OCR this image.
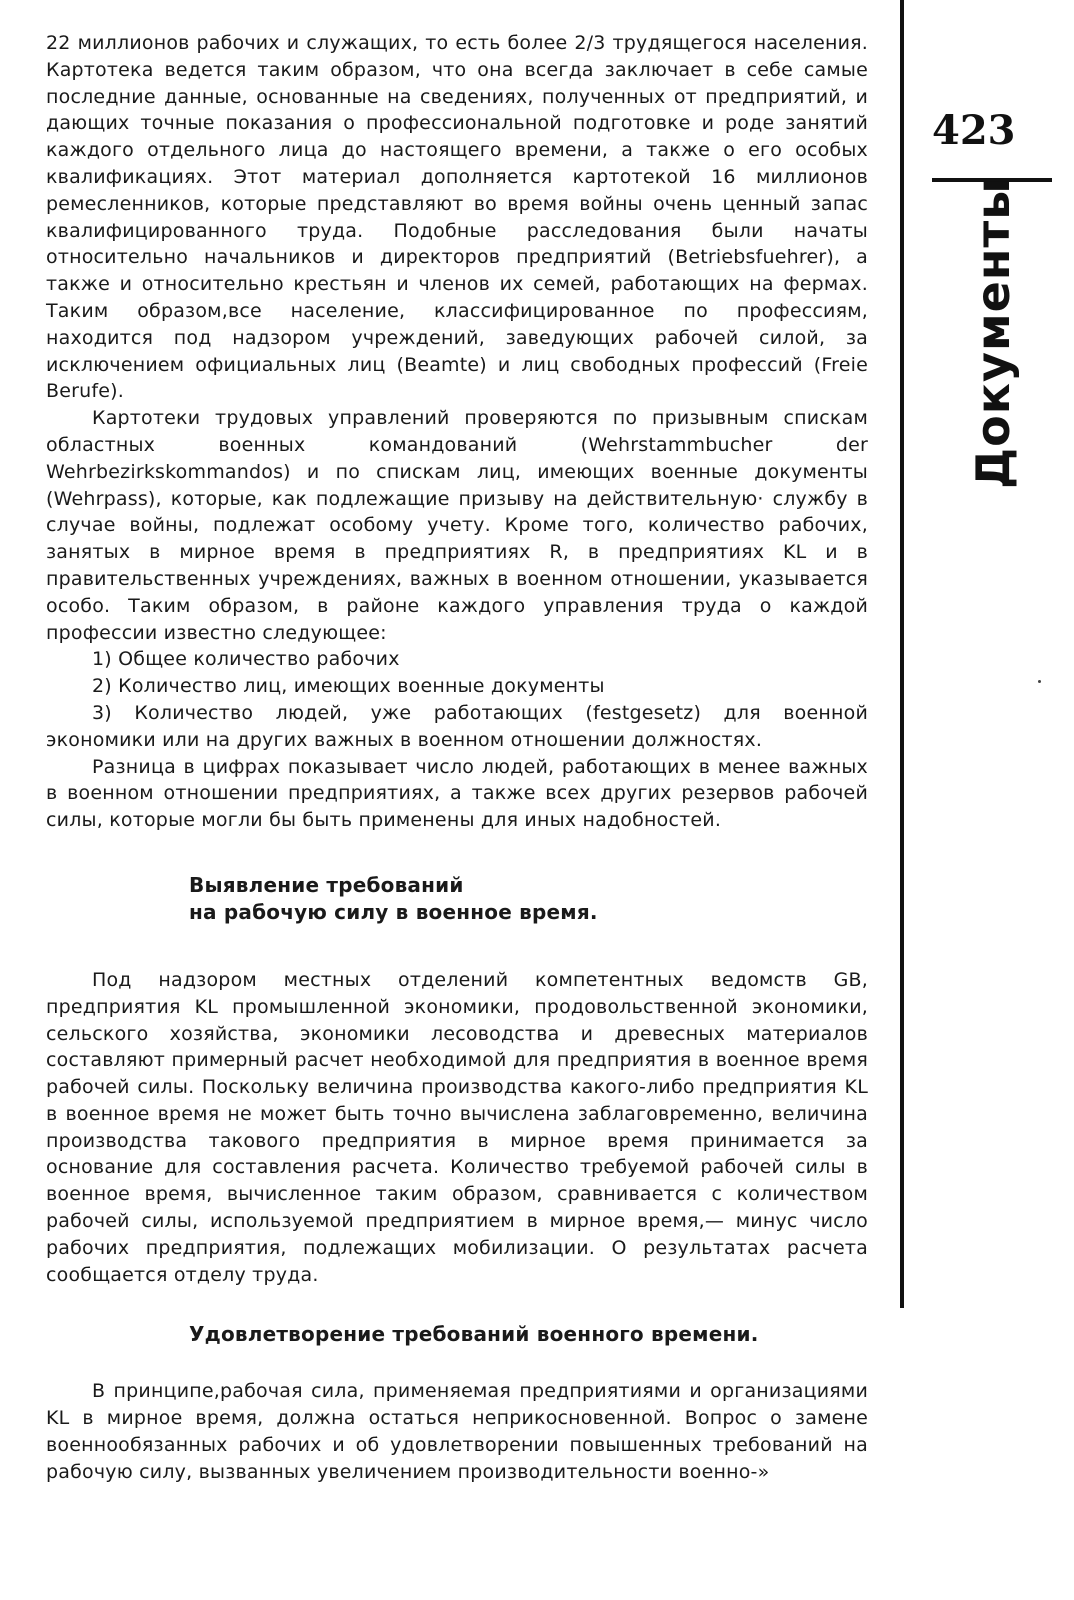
423
Документы

22 миллионов рабочих и служащих, то есть более 2/3 трудящегося населения. Картотека ведется таким образом, что она всегда заключает в себе самые последние данные, основанные на сведениях, полученных от предприятий, и дающих точные показания о профессиональной подготовке и роде занятий каждого отдельного лица до настоящего времени, а также о его особых квалификациях. Этот материал дополняется картотекой 16 миллионов ремесленников, которые представляют во время войны очень ценный запас квалифицированного труда. Подобные расследования были начаты относительно начальников и директоров предприятий (Betriebsfuehrer), а также и относительно крестьян и членов их семей, работающих на фермах. Таким образом,все население, классифицированное по профессиям, находится под надзором учреждений, заведующих рабочей силой, за исключением официальных лиц (Beamte) и лиц свободных профессий (Freie Berufe).

Картотеки трудовых управлений проверяются по призывным спискам областных военных командований (Wehrstammbucher der Wehrbezirkskommandos) и по спискам лиц, имеющих военные документы (Wehrpass), которые, как подлежащие призыву на действительную· службу в случае войны, подлежат особому учету. Кроме того, количество рабочих, занятых в мирное время в предприятиях R, в предприятиях KL и в правительственных учреждениях, важных в военном отношении, указывается особо. Таким образом, в районе каждого управления труда о каждой профессии известно следующее:

1) Общее количество рабочих

2) Количество лиц, имеющих военные документы

3) Количество людей, уже работающих (festgesetz) для военной экономики или на других важных в военном отношении должностях.

Разница в цифрах показывает число людей, работающих в менее важных в военном отношении предприятиях, а также всех других резервов рабочей силы, которые могли бы быть применены для иных надобностей.

Выявление требований
на рабочую силу в военное время.

Под надзором местных отделений компетентных ведомств GB, предприятия KL промышленной экономики, продовольственной экономики, сельского хозяйства, экономики лесоводства и древесных материалов составляют примерный расчет необходимой для предприятия в военное время рабочей силы. Поскольку величина производства какого-либо предприятия KL в военное время не может быть точно вычислена заблаговременно, величина производства такового предприятия в мирное время принимается за основание для составления расчета. Количество требуемой рабочей силы в военное время, вычисленное таким образом, сравнивается с количеством рабочей силы, используемой предприятием в мирное время,— минус число рабочих предприятия, подлежащих мобилизации. О результатах расчета сообщается отделу труда.

Удовлетворение требований военного времени.

В принципе,рабочая сила, применяемая предприятиями и организациями KL в мирное время, должна остаться неприкосновенной. Вопрос о замене военнообязанных рабочих и об удовлетворении повышенных требований на рабочую силу, вызванных увеличением производительности военно-»
